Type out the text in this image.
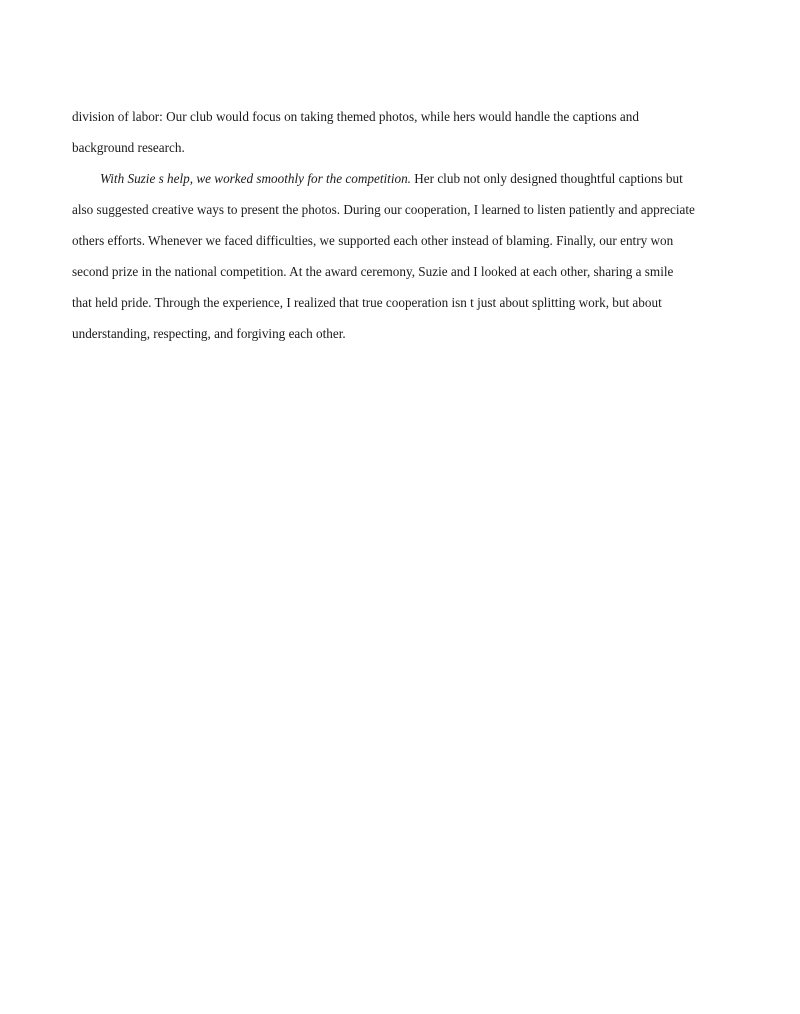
division of labor: Our club would focus on taking themed photos, while hers would handle the captions and
background research.
With Suzie s help, we worked smoothly for the competition. Her club not only designed thoughtful captions but
also suggested creative ways to present the photos. During our cooperation, I learned to listen patiently and appreciate
others efforts. Whenever we faced difficulties, we supported each other instead of blaming. Finally, our entry won
second prize in the national competition. At the award ceremony, Suzie and I looked at each other, sharing a smile
that held pride. Through the experience, I realized that true cooperation isn t just about splitting work, but about
understanding, respecting, and forgiving each other.
